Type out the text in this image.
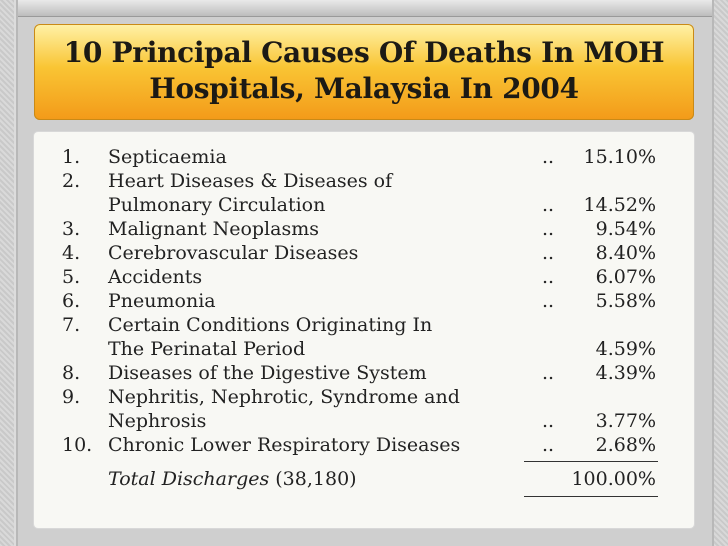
10 Principal Causes Of Deaths In MOH
Hospitals, Malaysia In 2004
1.	Septicaemia	.. 15.10%
2.	Heart Diseases & Diseases of
Pulmonary Circulation	.. 14.52%
3.	Malignant Neoplasms	.. 9.54%
4.	Cerebrovascular Diseases	.. 8.40%
5.	Accidents	.. 6.07%
6.	Pneumonia	.. 5.58%
7.	Certain Conditions Originating In
The Perinatal Period	4.59%
8.	Diseases of the Digestive System	.. 4.39%
9.	Nephritis, Nephrotic, Syndrome and
Nephrosis	.. 3.77%
10. Chronic Lower Respiratory Diseases	.. 2.68%
Total Discharges (38,180)	100.00%
